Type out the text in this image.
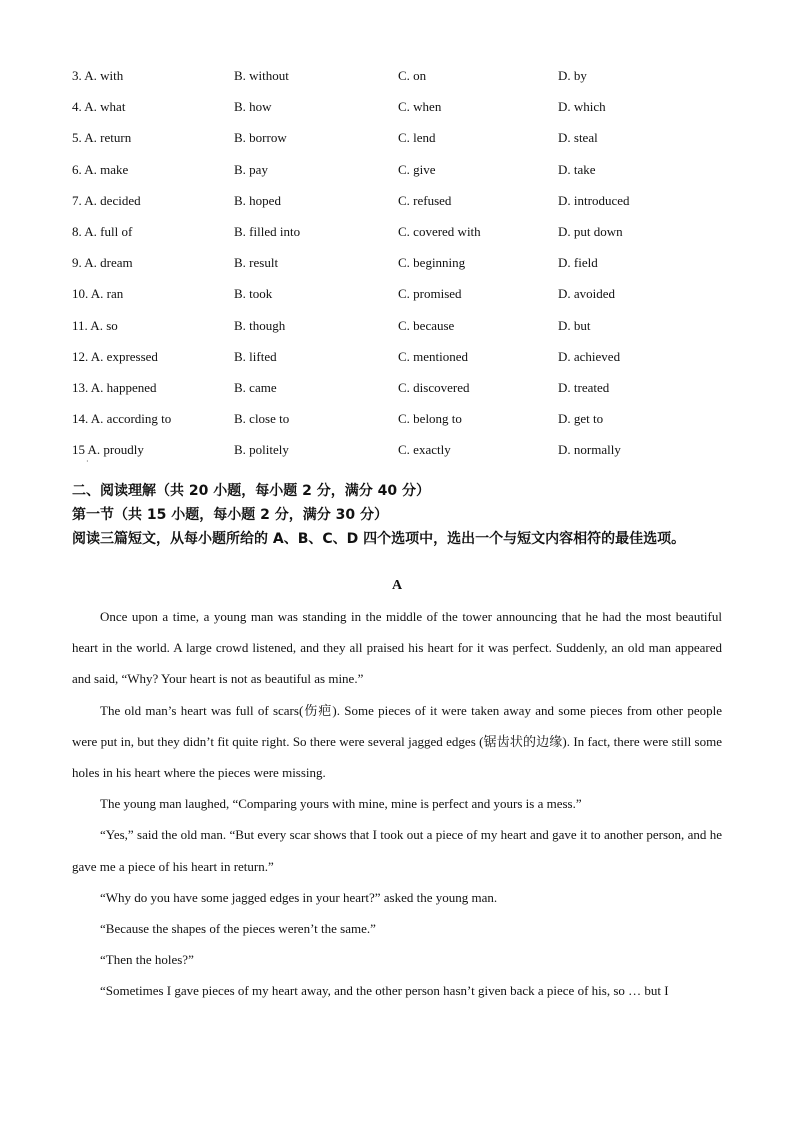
3. A. with	B. without	C. on	D. by
4. A. what	B. how	C. when	D. which
5. A. return	B. borrow	C. lend	D. steal
6. A. make	B. pay	C. give	D. take
7. A. decided	B. hoped	C. refused	D. introduced
8. A. full of	B. filled into	C. covered with	D. put down
9. A. dream	B. result	C. beginning	D. field
10. A. ran	B. took	C. promised	D. avoided
11. A. so	B. though	C. because	D. but
12. A. expressed	B. lifted	C. mentioned	D. achieved
13. A. happened	B. came	C. discovered	D. treated
14. A. according to	B. close to	C. belong to	D. get to
15 A. proudly	B. politely	C. exactly	D. normally
·
二、阅读理解（共 20 小题，每小题 2 分，满分 40 分）
第一节（共 15 小题，每小题 2 分，满分 30 分）
阅读三篇短文，从每小题所给的 A、B、C、D 四个选项中，选出一个与短文内容相符的最佳选项。
A

Once upon a time, a young man was standing in the middle of the tower announcing that he had the most beautiful heart in the world. A large crowd listened, and they all praised his heart for it was perfect. Suddenly, an old man appeared and said, “Why? Your heart is not as beautiful as mine.”

The old man’s heart was full of scars(伤疤). Some pieces of it were taken away and some pieces from other people were put in, but they didn’t fit quite right. So there were several jagged edges (锯齿状的边缘). In fact, there were still some holes in his heart where the pieces were missing.

The young man laughed, “Comparing yours with mine, mine is perfect and yours is a mess.”

“Yes,” said the old man. “But every scar shows that I took out a piece of my heart and gave it to another person, and he gave me a piece of his heart in return.”

“Why do you have some jagged edges in your heart?” asked the young man.

“Because the shapes of the pieces weren’t the same.”

“Then the holes?”

“Sometimes I gave pieces of my heart away, and the other person hasn’t given back a piece of his, so … but I
